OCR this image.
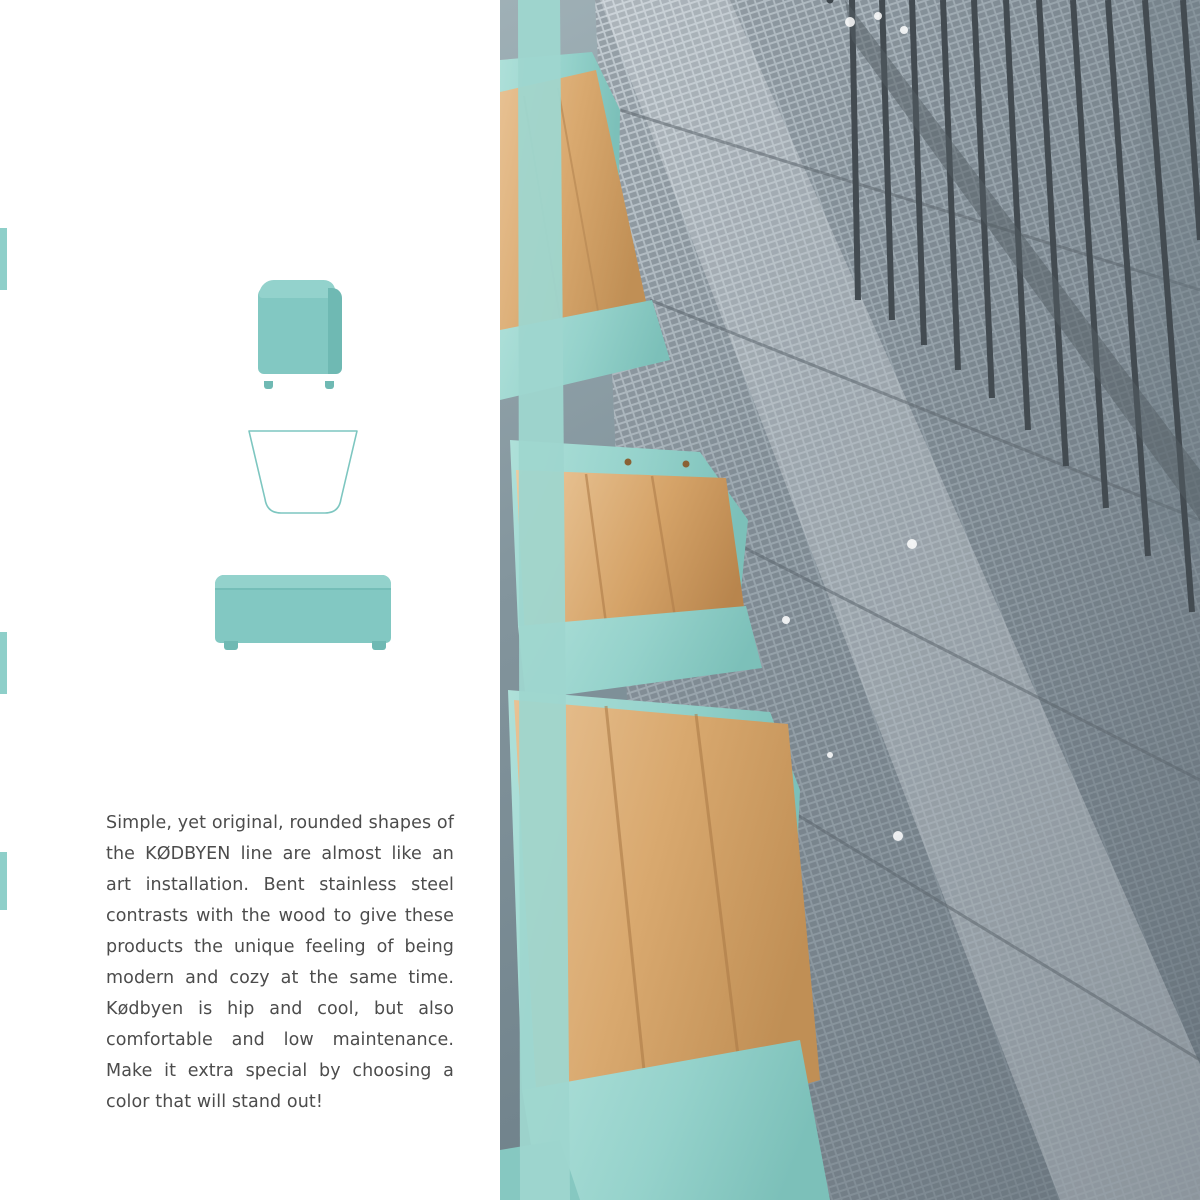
Simple, yet original, rounded shapes of the KØDBYEN line are almost like an art installation. Bent stainless steel contrasts with the wood to give these products the unique feeling of being modern and cozy at the same time. Kødbyen is hip and cool, but also comfortable and low maintenance. Make it extra special by choosing a color that will stand out!
